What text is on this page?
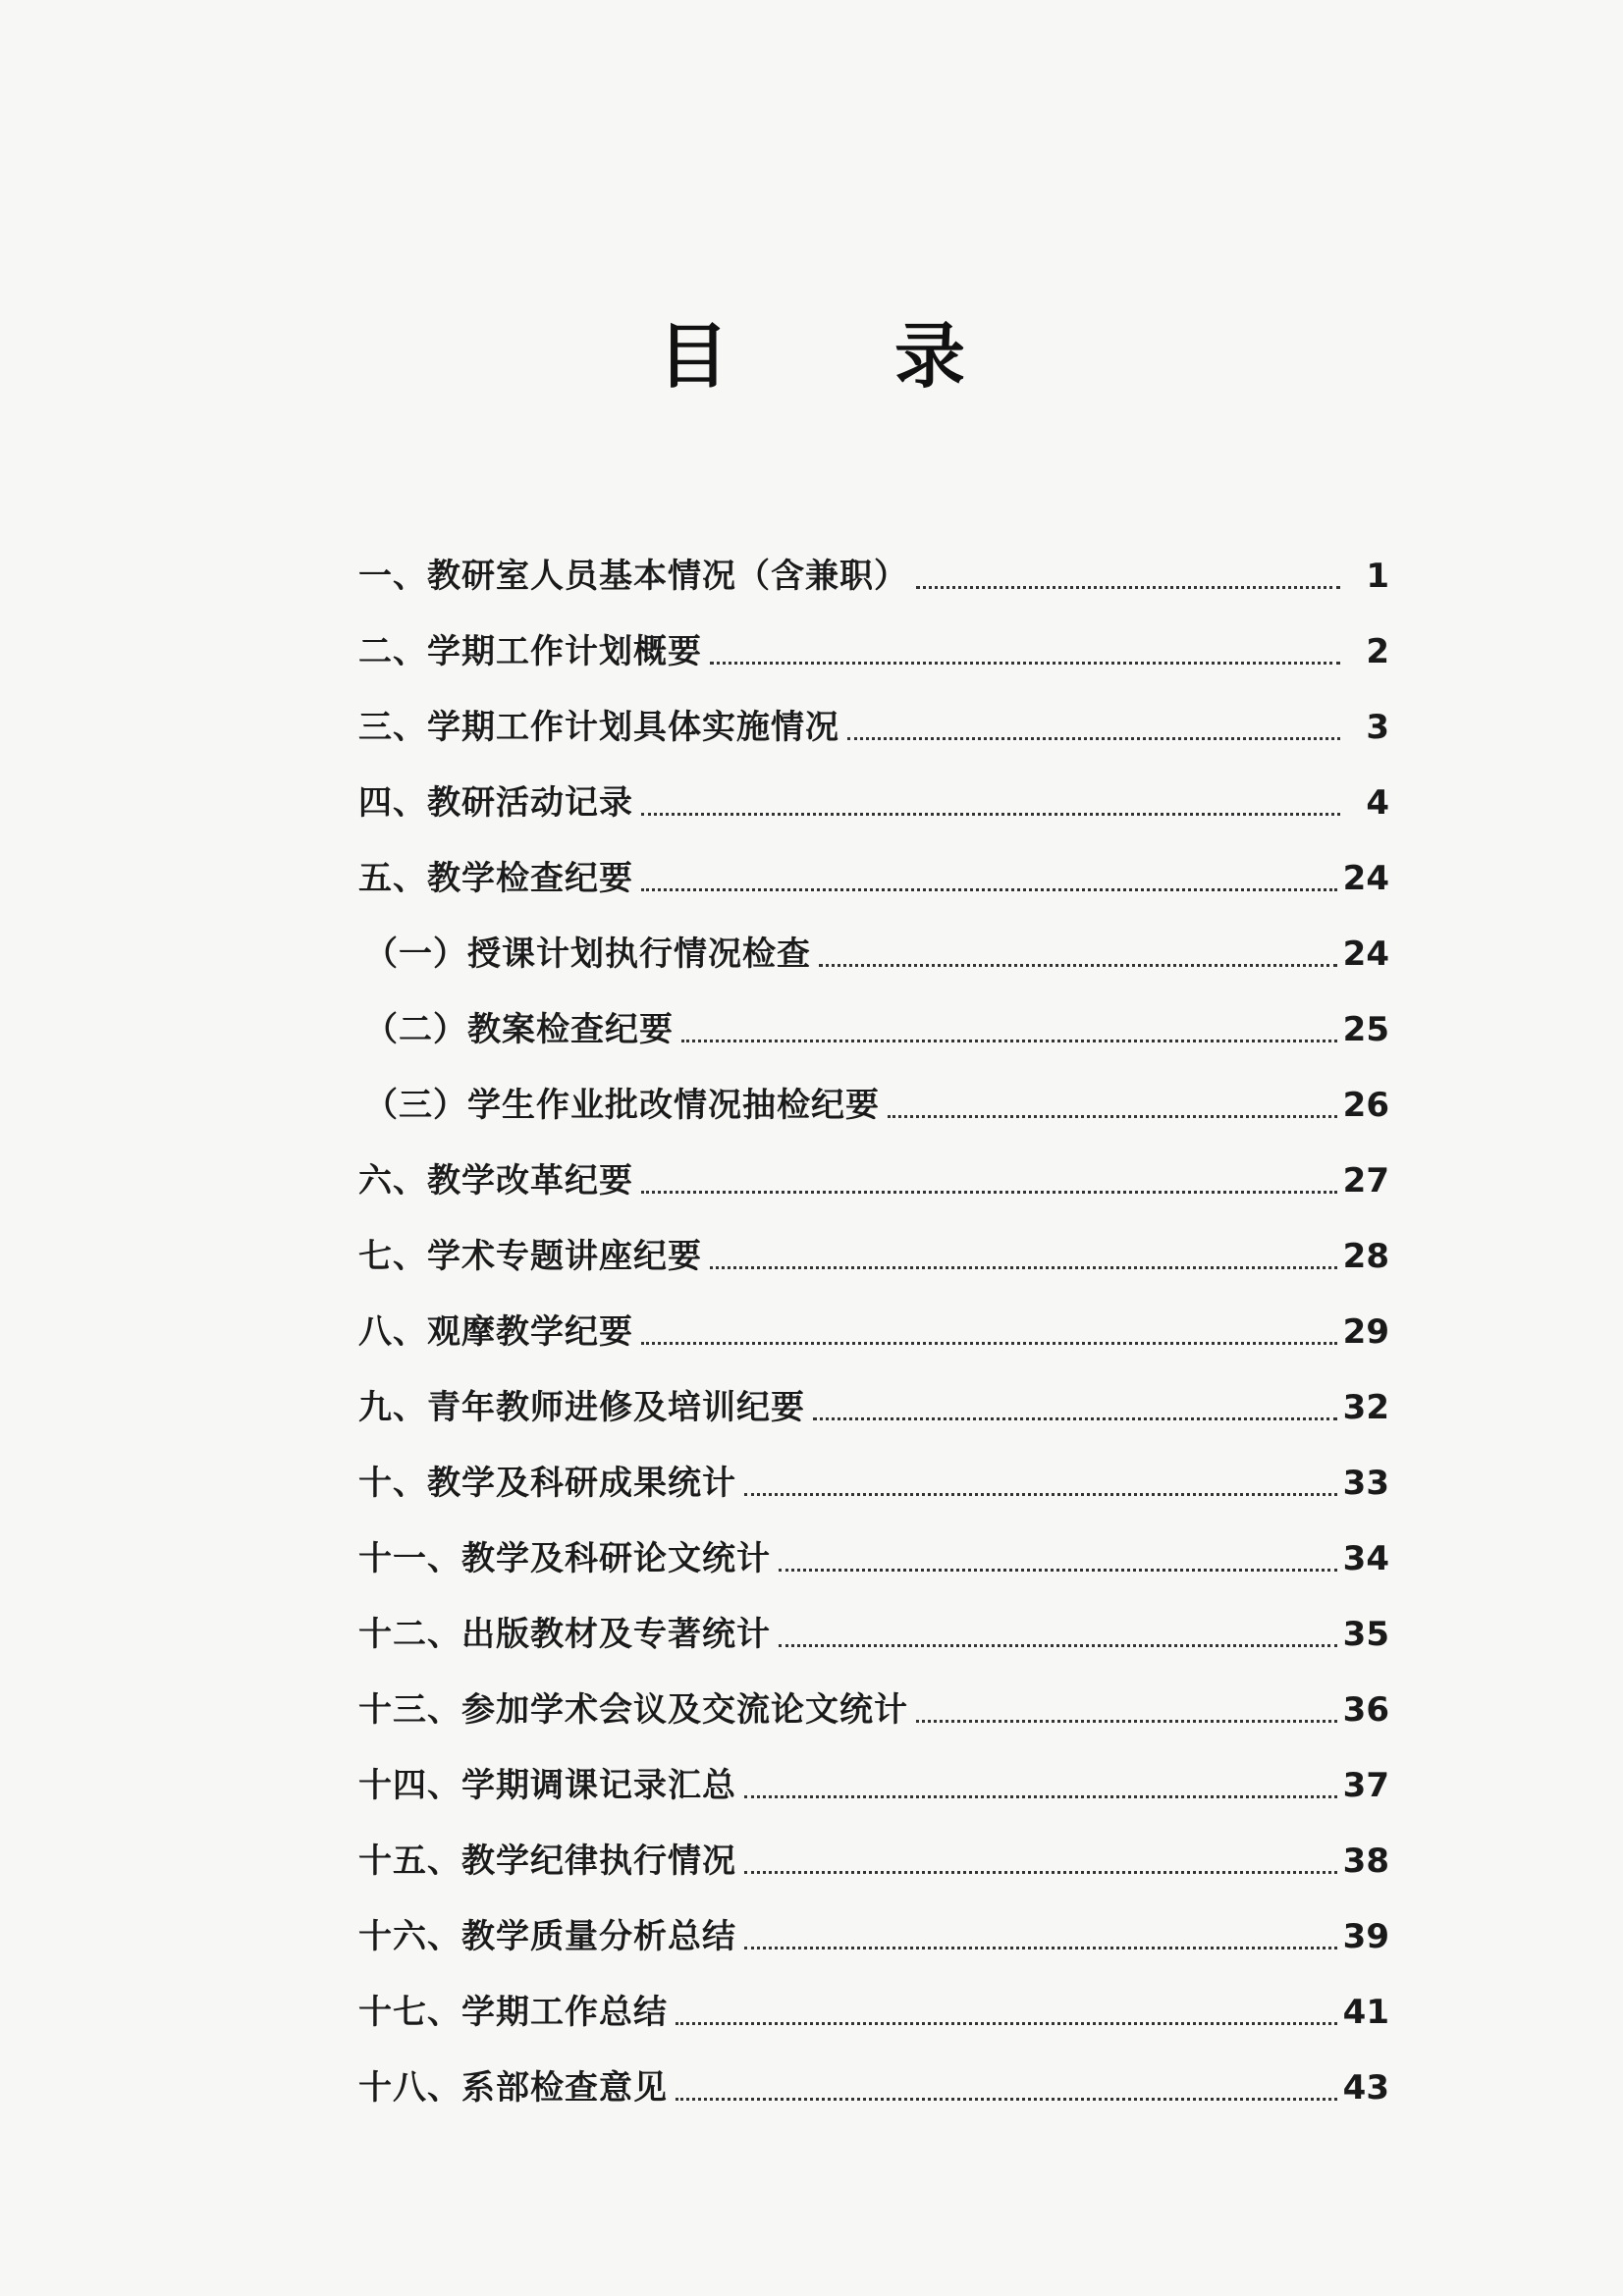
目 录
一、教研室人员基本情况（含兼职）	1
二、学期工作计划概要	2
三、学期工作计划具体实施情况	3
四、教研活动记录	4
五、教学检查纪要	24
（一）授课计划执行情况检查	24
（二）教案检查纪要	25
（三）学生作业批改情况抽检纪要	26
六、教学改革纪要	27
七、学术专题讲座纪要	28
八、观摩教学纪要	29
九、青年教师进修及培训纪要	32
十、教学及科研成果统计	33
十一、教学及科研论文统计	34
十二、出版教材及专著统计	35
十三、参加学术会议及交流论文统计	36
十四、学期调课记录汇总	37
十五、教学纪律执行情况	38
十六、教学质量分析总结	39
十七、学期工作总结	41
十八、系部检查意见	43
